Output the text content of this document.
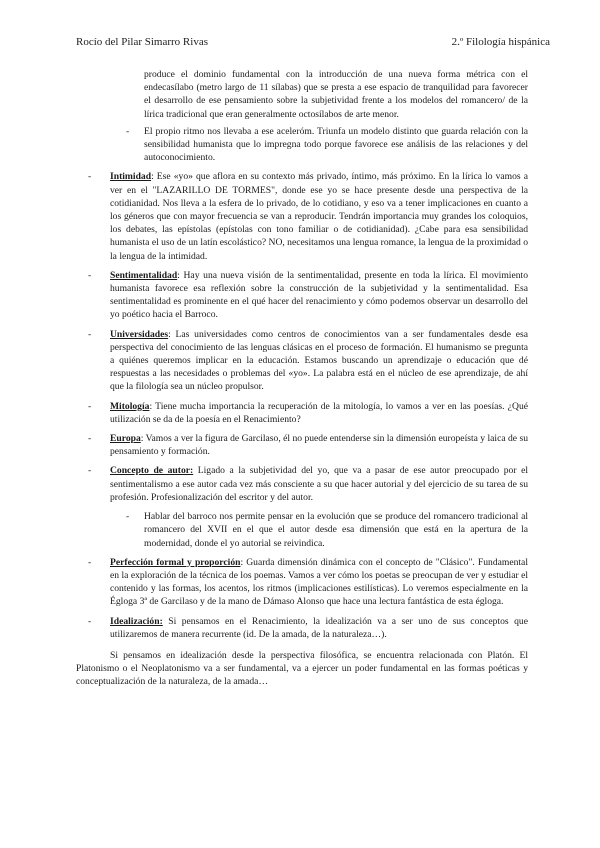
Rocío del Pilar Simarro Rivas	2.º Filología hispánica

produce el dominio fundamental con la introducción de una nueva forma métrica con el endecasílabo (metro largo de 11 sílabas) que se presta a ese espacio de tranquilidad para favorecer el desarrollo de ese pensamiento sobre la subjetividad frente a los modelos del romancero/ de la lírica tradicional que eran generalmente octosílabos de arte menor.

- El propio ritmo nos llevaba a ese aceleróm. Triunfa un modelo distinto que guarda relación con la sensibilidad humanista que lo impregna todo porque favorece ese análisis de las relaciones y del autoconocimiento.
- Intimidad: Ese «yo» que aflora en su contexto más privado, íntimo, más próximo. En la lírica lo vamos a ver en el "LAZARILLO DE TORMES", donde ese yo se hace presente desde una perspectiva de la cotidianidad. Nos lleva a la esfera de lo privado, de lo cotidiano, y eso va a tener implicaciones en cuanto a los géneros que con mayor frecuencia se van a reproducir. Tendrán importancia muy grandes los coloquios, los debates, las epístolas (epístolas con tono familiar o de cotidianidad). ¿Cabe para esa sensibilidad humanista el uso de un latín escolástico? NO, necesitamos una lengua romance, la lengua de la proximidad o la lengua de la intimidad.
- Sentimentalidad: Hay una nueva visión de la sentimentalidad, presente en toda la lírica. El movimiento humanista favorece esa reflexión sobre la construcción de la subjetividad y la sentimentalidad. Esa sentimentalidad es prominente en el qué hacer del renacimiento y cómo podemos observar un desarrollo del yo poético hacia el Barroco.
- Universidades: Las universidades como centros de conocimientos van a ser fundamentales desde esa perspectiva del conocimiento de las lenguas clásicas en el proceso de formación. El humanismo se pregunta a quiénes queremos implicar en la educación. Estamos buscando un aprendizaje o educación que dé respuestas a las necesidades o problemas del «yo». La palabra está en el núcleo de ese aprendizaje, de ahí que la filología sea un núcleo propulsor.
- Mitología: Tiene mucha importancia la recuperación de la mitología, lo vamos a ver en las poesías. ¿Qué utilización se da de la poesía en el Renacimiento?
- Europa: Vamos a ver la figura de Garcilaso, él no puede entenderse sin la dimensión europeísta y laica de su pensamiento y formación.
- Concepto de autor: Ligado a la subjetividad del yo, que va a pasar de ese autor preocupado por el sentimentalismo a ese autor cada vez más consciente a su que hacer autorial y del ejercicio de su tarea de su profesión. Profesionalización del escritor y del autor.
- Hablar del barroco nos permite pensar en la evolución que se produce del romancero tradicional al romancero del XVII en el que el autor desde esa dimensión que está en la apertura de la modernidad, donde el yo autorial se reivindica.
- Perfección formal y proporción: Guarda dimensión dinámica con el concepto de "Clásico". Fundamental en la exploración de la técnica de los poemas. Vamos a ver cómo los poetas se preocupan de ver y estudiar el contenido y las formas, los acentos, los ritmos (implicaciones estilísticas). Lo veremos especialmente en la Égloga 3ª de Garcilaso y de la mano de Dámaso Alonso que hace una lectura fantástica de esta égloga.
- Idealización: Si pensamos en el Renacimiento, la idealización va a ser uno de sus conceptos que utilizaremos de manera recurrente (id. De la amada, de la naturaleza…).

Si pensamos en idealización desde la perspectiva filosófica, se encuentra relacionada con Platón. El Platonismo o el Neoplatonismo va a ser fundamental, va a ejercer un poder fundamental en las formas poéticas y conceptualización de la naturaleza, de la amada…
